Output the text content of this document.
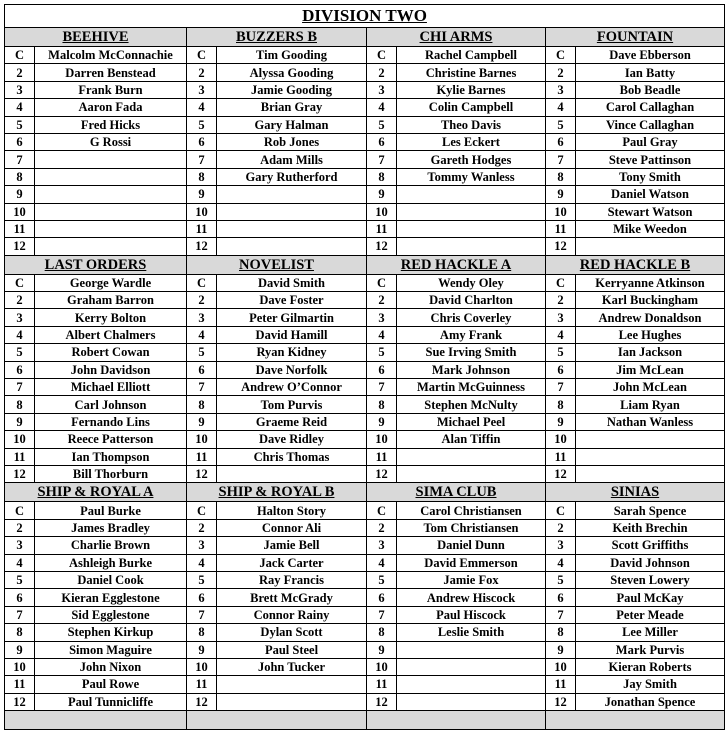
DIVISION TWO							
BEEHIVE		BUZZERS B		CHI ARMS		FOUNTAIN	
C	Malcolm McConnachie	C	Tim Gooding	C	Rachel Campbell	C	Dave Ebberson
2	Darren Benstead	2	Alyssa Gooding	2	Christine Barnes	2	Ian Batty
3	Frank Burn	3	Jamie Gooding	3	Kylie Barnes	3	Bob Beadle
4	Aaron Fada	4	Brian Gray	4	Colin Campbell	4	Carol Callaghan
5	Fred Hicks	5	Gary Halman	5	Theo Davis	5	Vince Callaghan
6	G Rossi	6	Rob Jones	6	Les Eckert	6	Paul Gray
7		7	Adam Mills	7	Gareth Hodges	7	Steve Pattinson
8		8	Gary Rutherford	8	Tommy Wanless	8	Tony Smith
9		9		9		9	Daniel Watson
10		10		10		10	Stewart Watson
11		11		11		11	Mike Weedon
12		12		12		12	
LAST ORDERS		NOVELIST		RED HACKLE A		RED HACKLE B	
C	George Wardle	C	David Smith	C	Wendy Oley	C	Kerryanne Atkinson
2	Graham Barron	2	Dave Foster	2	David Charlton	2	Karl Buckingham
3	Kerry Bolton	3	Peter Gilmartin	3	Chris Coverley	3	Andrew Donaldson
4	Albert Chalmers	4	David Hamill	4	Amy Frank	4	Lee Hughes
5	Robert Cowan	5	Ryan Kidney	5	Sue Irving Smith	5	Ian Jackson
6	John Davidson	6	Dave Norfolk	6	Mark Johnson	6	Jim McLean
7	Michael Elliott	7	Andrew O’Connor	7	Martin McGuinness	7	John McLean
8	Carl Johnson	8	Tom Purvis	8	Stephen McNulty	8	Liam Ryan
9	Fernando Lins	9	Graeme Reid	9	Michael Peel	9	Nathan Wanless
10	Reece Patterson	10	Dave Ridley	10	Alan Tiffin	10	
11	Ian Thompson	11	Chris Thomas	11		11	
12	Bill Thorburn	12		12		12	
SHIP & ROYAL A		SHIP & ROYAL B		SIMA CLUB		SINIAS	
C	Paul Burke	C	Halton Story	C	Carol Christiansen	C	Sarah Spence
2	James Bradley	2	Connor Ali	2	Tom Christiansen	2	Keith Brechin
3	Charlie Brown	3	Jamie Bell	3	Daniel Dunn	3	Scott Griffiths
4	Ashleigh Burke	4	Jack Carter	4	David Emmerson	4	David Johnson
5	Daniel Cook	5	Ray Francis	5	Jamie Fox	5	Steven Lowery
6	Kieran Egglestone	6	Brett McGrady	6	Andrew Hiscock	6	Paul McKay
7	Sid Egglestone	7	Connor Rainy	7	Paul Hiscock	7	Peter Meade
8	Stephen Kirkup	8	Dylan Scott	8	Leslie Smith	8	Lee Miller
9	Simon Maguire	9	Paul Steel	9		9	Mark Purvis
10	John Nixon	10	John Tucker	10		10	Kieran Roberts
11	Paul Rowe	11		11		11	Jay Smith
12	Paul Tunnicliffe	12		12		12	Jonathan Spence
